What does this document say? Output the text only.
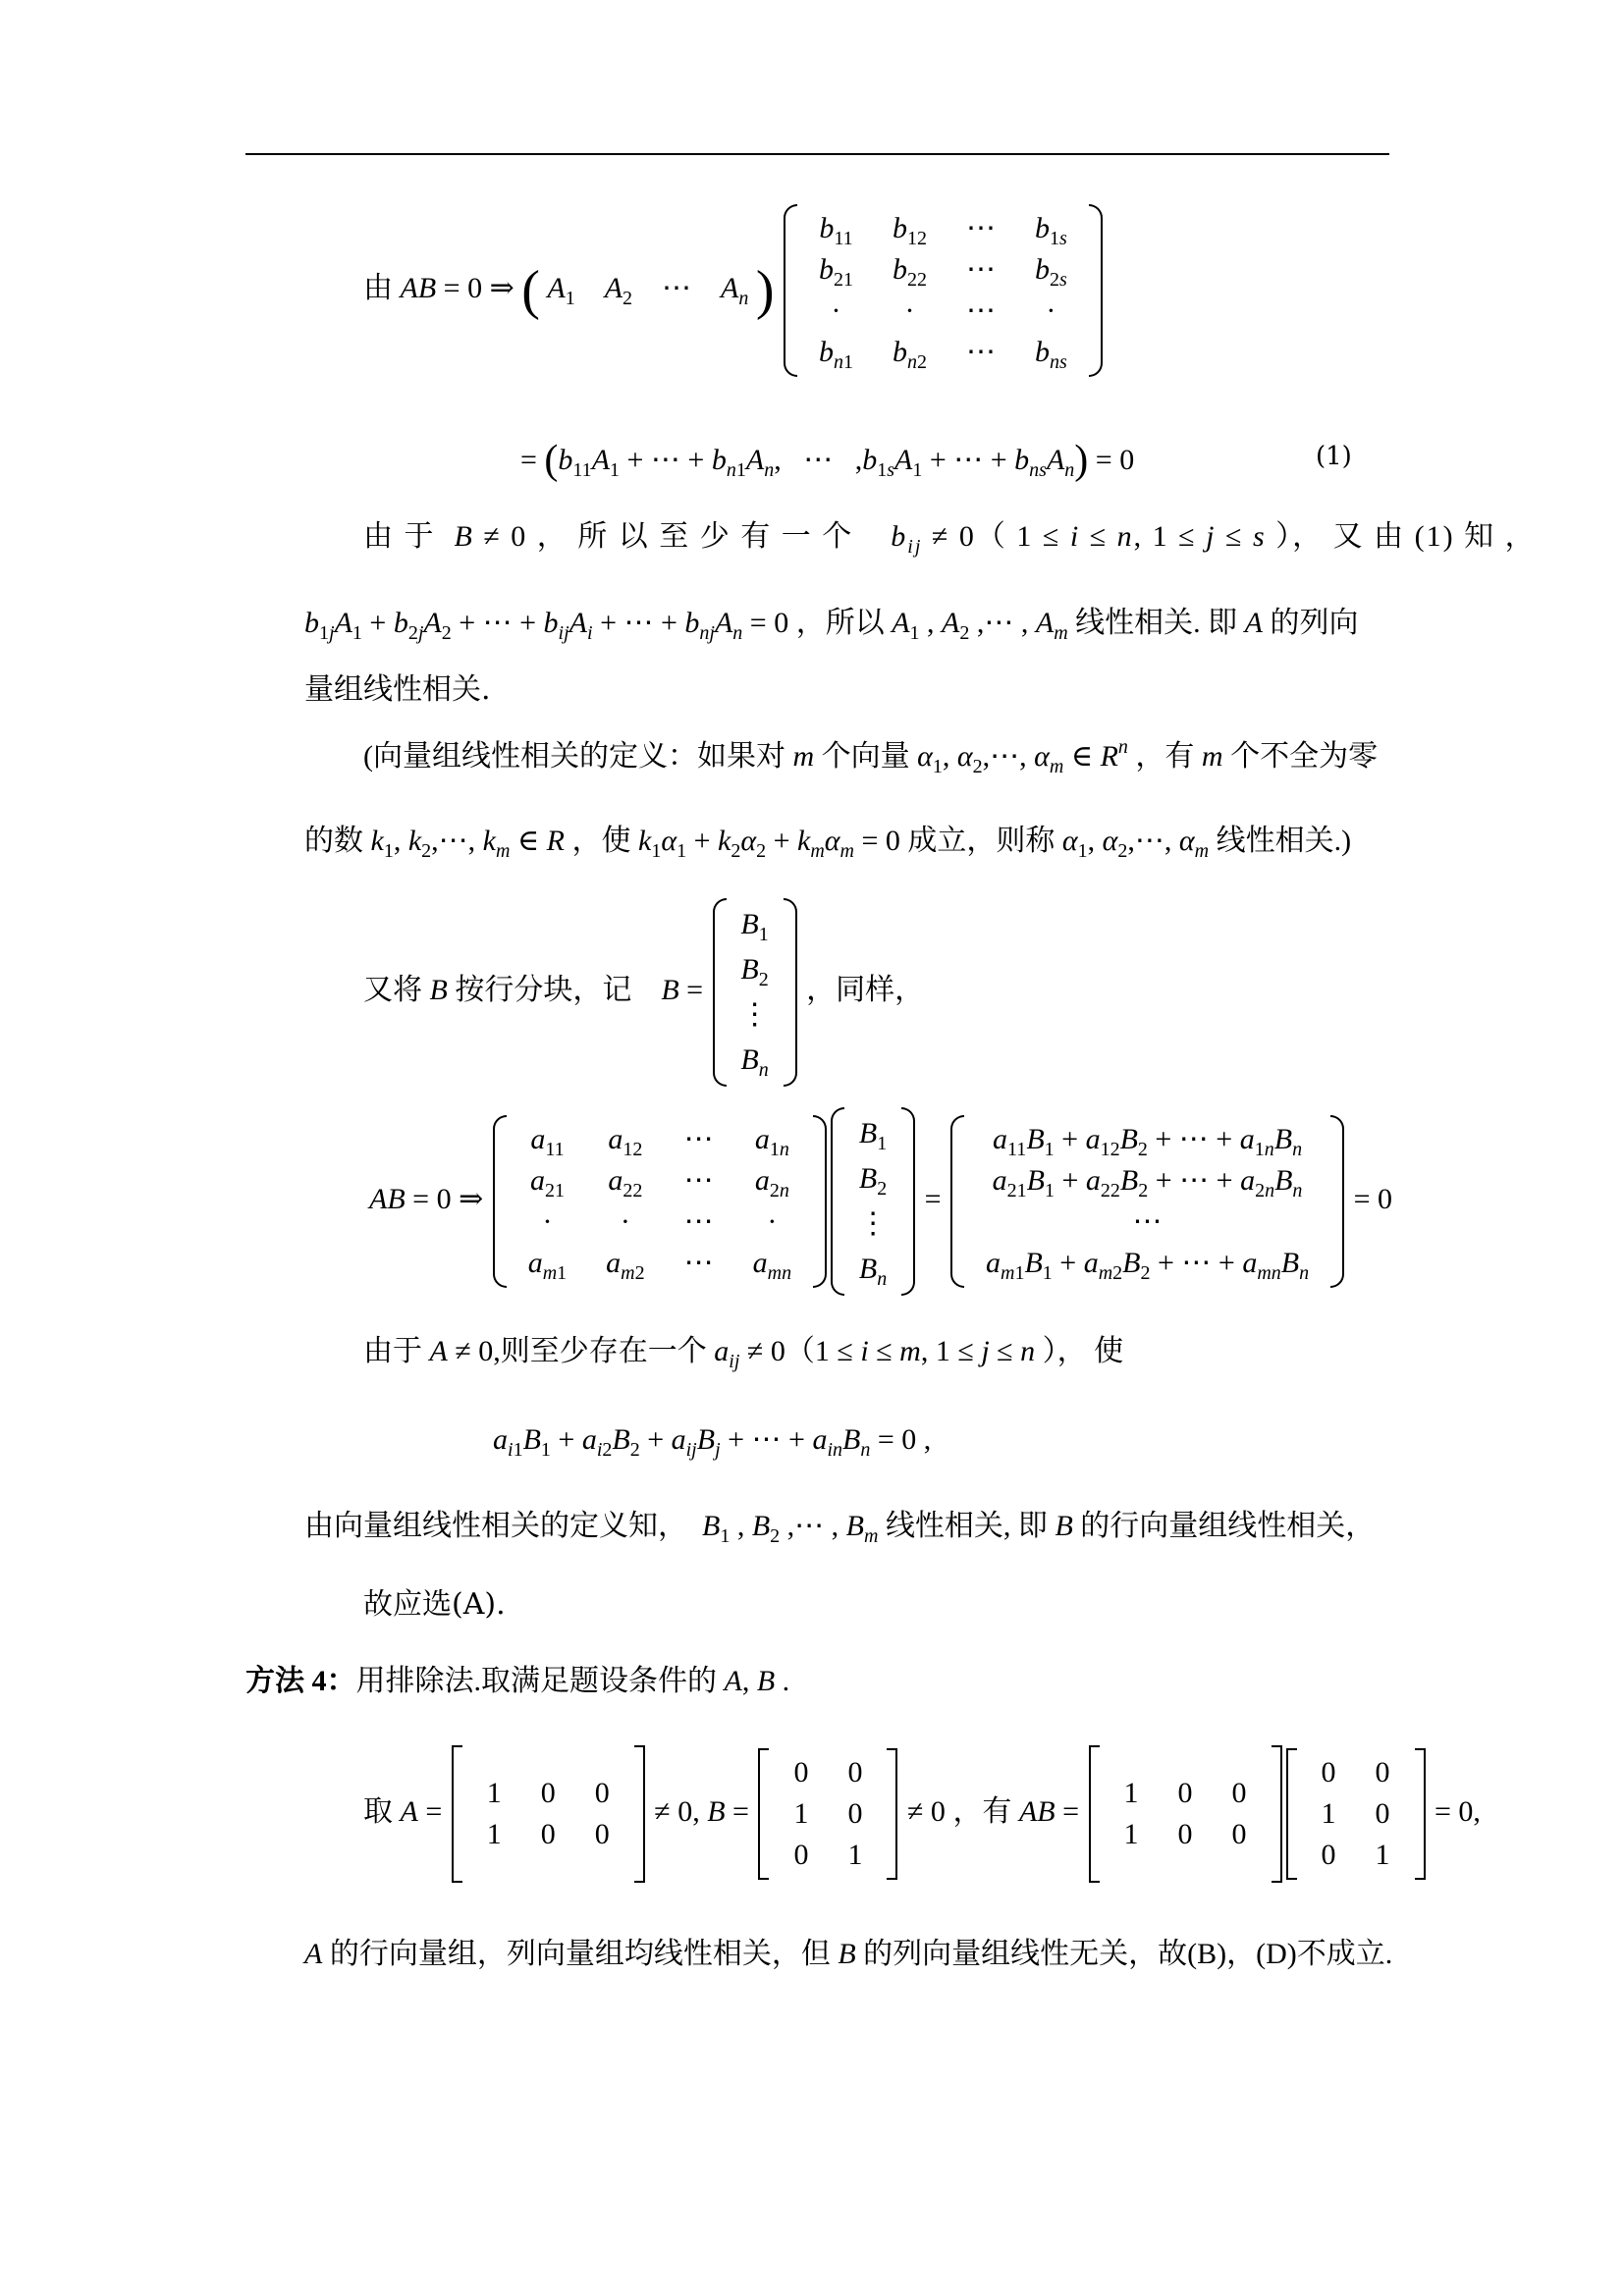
由 AB = 0 ⇒ ( $A_1$ $A_2$    ⋯    $A_n$ )
$b_{11}$	$b_{12}$	⋯	$b_{1s}$
$b_{21}$	$b_{22}$	⋯	$b_{2s}$
·	·	⋯	·
$b_{n1}$	$b_{n2}$	⋯	$b_{ns}$
= ($b_{11}A_1$ + ⋯ + $b_{n1}A_n$,   ⋯   $,b_{1s}A_1$ + ⋯ + $b_{ns}A_n) = 0$	(1)
由 于 B ≠ 0 ， 所 以 至 少 有 一 个 $b_{ij} \ne 0$（ 1 ≤ i ≤ n, 1 ≤ j ≤ s ）， 又 由 (1) 知 ，
$b_{1j}A_1 + b_{2j}A_2$ + ⋯ + $b_{ij}A_i$ + ⋯ + $b_{nj}A_n = 0$ ，所以 $A_1$ , $A_2$ ,⋯ , $A_m$ 线性相关. 即 A 的列向
量组线性相关.
(向量组线性相关的定义：如果对 m 个向量 $\alpha_1$, $\alpha_2,\cdots$, $\alpha_m$ ∈ $R^n$ ，有 m 个不全为零
的数 $k_1$, $k_2,\cdots$, $k_m$ ∈ R ，使 $k_1\alpha_1 + k_2\alpha_2 + k_m\alpha_m = 0$ 成立，则称 $\alpha_1$, $\alpha_2,\cdots$, $\alpha_m$ 线性相关.)
又将 B 按行分块，记 B =
$B_1$
$B_2$
⋮
$B_n$
，同样，
AB = 0 ⇒
$a_{11}$	$a_{12}$	⋯	$a_{1n}$
$a_{21}$	$a_{22}$	⋯	$a_{2n}$
·	·	⋯	·
$a_{m1}$	$a_{m2}$	⋯	$a_{mn}$
$B_1$
$B_2$
⋮
$B_n$
=
$a_{11}B_1 + a_{12}B_2$ + ⋯ + $a_{1n}B_n$
$a_{21}B_1 + a_{22}B_2$ + ⋯ + $a_{2n}B_n$
⋯
$a_{m1}B_1 + a_{m2}B_2$ + ⋯ + $a_{mn}B_n$
= 0
由于 A ≠ 0,则至少存在一个 $a_{ij} \ne 0(1 \le i \le m$, 1 ≤ j ≤ n ）， 使
$a_{i1}B_1 + a_{i2}B_2 + a_{ij}B_j$ + ⋯ + $a_{in}B_n = 0$ ,
由向量组线性相关的定义知， $B_1$ , $B_2$ ,⋯ , $B_m$ 线性相关, 即 B 的行向量组线性相关，
故应选(A).
方法 4：用排除法.取满足题设条件的 A, B .
取 A =
1	0	0
1	0	0
≠ 0, B =
0	0
1	0
0	1
≠ 0 ，有 AB =
1	0	0
1	0	0
0	0
1	0
0	1
= 0,
A 的行向量组，列向量组均线性相关，但 B 的列向量组线性无关，故(B)，(D)不成立.
